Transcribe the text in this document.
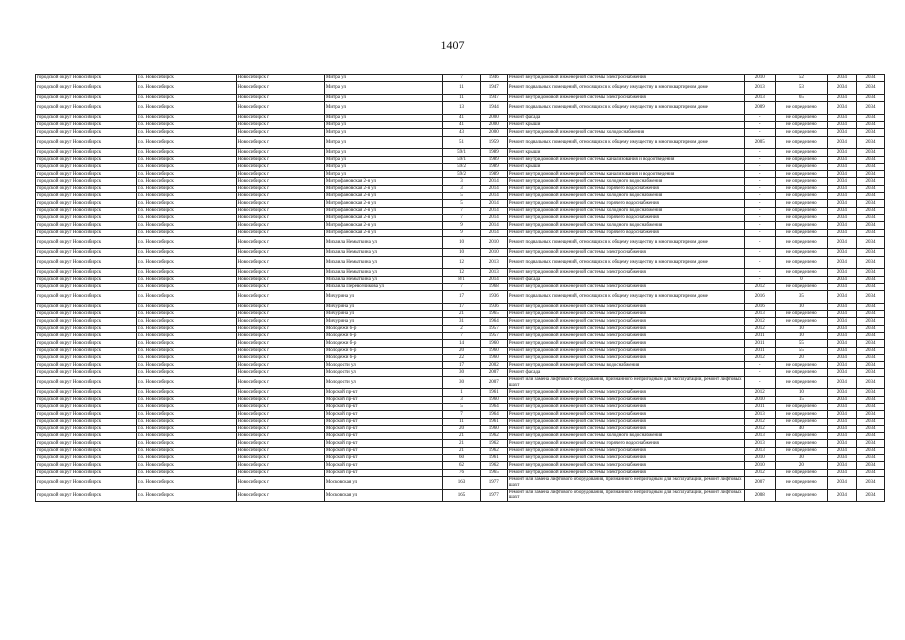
1407
городской округ Новосибирск	г.о. Новосибирск	Новосибирск г	Митра ул	7	1946	Ремонт внутридомовой инженерной системы электроснабжения	2010	52	2034	2034
городской округ Новосибирск	г.о. Новосибирск	Новосибирск г	Митра ул	11	1947	Ремонт подвальных помещений, относящихся к общему имуществу в многоквартирном доме	2013	53	2034	2034
городской округ Новосибирск	г.о. Новосибирск	Новосибирск г	Митра ул	11	1947	Ремонт внутридомовой инженерной системы электроснабжения	2013	65	2034	2034
городской округ Новосибирск	г.о. Новосибирск	Новосибирск г	Митра ул	13	1944	Ремонт подвальных помещений, относящихся к общему имуществу в многоквартирном доме	2009	не определено	2034	2034
городской округ Новосибирск	г.о. Новосибирск	Новосибирск г	Митра ул	41	2000	Ремонт фасада	-	не определено	2034	2034
городской округ Новосибирск	г.о. Новосибирск	Новосибирск г	Митра ул	41	2000	Ремонт крыши	-	не определено	2034	2034
городской округ Новосибирск	г.о. Новосибирск	Новосибирск г	Митра ул	43	2000	Ремонт внутридомовой инженерной системы холодоснабжения	-	не определено	2034	2034
городской округ Новосибирск	г.о. Новосибирск	Новосибирск г	Митра ул	51	1959	Ремонт подвальных помещений, относящихся к общему имуществу в многоквартирном доме	2005	не определено	2034	2034
городской округ Новосибирск	г.о. Новосибирск	Новосибирск г	Митра ул	59/1	1989	Ремонт крыши	-	не определено	2034	2034
городской округ Новосибирск	г.о. Новосибирск	Новосибирск г	Митра ул	59/1	1989	Ремонт внутридомовой инженерной системы канализования и водоотведения	-	не определено	2034	2034
городской округ Новосибирск	г.о. Новосибирск	Новосибирск г	Митра ул	59/2	1989	Ремонт крыши	-	не определено	2034	2034
городской округ Новосибирск	г.о. Новосибирск	Новосибирск г	Митра ул	59/2	1989	Ремонт внутридомовой инженерной системы канализования и водоотведения	-	не определено	2034	2034
городской округ Новосибирск	г.о. Новосибирск	Новосибирск г	Митрофановская 2-я ул	3	2014	Ремонт внутридомовой инженерной системы холодного водоснабжения	-	не определено	2034	2034
городской округ Новосибирск	г.о. Новосибирск	Новосибирск г	Митрофановская 2-я ул	3	2014	Ремонт внутридомовой инженерной системы горячего водоснабжения	-	не определено	2034	2034
городской округ Новосибирск	г.о. Новосибирск	Новосибирск г	Митрофановская 2-я ул	5	2014	Ремонт внутридомовой инженерной системы холодного водоснабжения	-	не определено	2034	2034
городской округ Новосибирск	г.о. Новосибирск	Новосибирск г	Митрофановская 2-я ул	5	2014	Ремонт внутридомовой инженерной системы горячего водоснабжения	-	не определено	2034	2034
городской округ Новосибирск	г.о. Новосибирск	Новосибирск г	Митрофановская 2-я ул	7	2014	Ремонт внутридомовой инженерной системы холодного водоснабжения	-	не определено	2034	2034
городской округ Новосибирск	г.о. Новосибирск	Новосибирск г	Митрофановская 2-я ул	7	2014	Ремонт внутридомовой инженерной системы горячего водоснабжения	-	не определено	2034	2034
городской округ Новосибирск	г.о. Новосибирск	Новосибирск г	Митрофановская 2-я ул	9	2014	Ремонт внутридомовой инженерной системы холодного водоснабжения	-	не определено	2034	2034
городской округ Новосибирск	г.о. Новосибирск	Новосибирск г	Митрофановская 2-я ул	9	2014	Ремонт внутридомовой инженерной системы горячего водоснабжения	-	не определено	2034	2034
городской округ Новосибирск	г.о. Новосибирск	Новосибирск г	Михаила Немыткина ул	10	2010	Ремонт подвальных помещений, относящихся к общему имуществу в многоквартирном доме	-	не определено	2034	2034
городской округ Новосибирск	г.о. Новосибирск	Новосибирск г	Михаила Немыткина ул	10	2010	Ремонт внутридомовой инженерной системы электроснабжения	-	не определено	2034	2034
городской округ Новосибирск	г.о. Новосибирск	Новосибирск г	Михаила Немыткина ул	12	2013	Ремонт подвальных помещений, относящихся к общему имуществу в многоквартирном доме	-	не определено	2034	2034
городской округ Новосибирск	г.о. Новосибирск	Новосибирск г	Михаила Немыткина ул	12	2013	Ремонт внутридомовой инженерной системы электроснабжения	-	не определено	2034	2034
городской округ Новосибирск	г.о. Новосибирск	Новосибирск г	Михаила Немыткина ул	8/1	2014	Ремонт фасада	-	0	2034	2034
городской округ Новосибирск	г.о. Новосибирск	Новосибирск г	Михаила Перевозчикова ул	7	1968	Ремонт внутридомовой инженерной системы электроснабжения	2012	не определено	2034	2034
городской округ Новосибирск	г.о. Новосибирск	Новосибирск г	Мичурина ул	17	1936	Ремонт подвальных помещений, относящихся к общему имуществу в многоквартирном доме	2016	35	2034	2034
городской округ Новосибирск	г.о. Новосибирск	Новосибирск г	Мичурина ул	17	1936	Ремонт внутридомовой инженерной системы электроснабжения	2016	10	2034	2034
городской округ Новосибирск	г.о. Новосибирск	Новосибирск г	Мичурина ул	21	1965	Ремонт внутридомовой инженерной системы электроснабжения	2013	не определено	2034	2034
городской округ Новосибирск	г.о. Новосибирск	Новосибирск г	Мичурина ул	31	1964	Ремонт внутридомовой инженерной системы электроснабжения	2012	не определено	2034	2034
городской округ Новосибирск	г.о. Новосибирск	Новосибирск г	Молодежи б-р	2	1957	Ремонт внутридомовой инженерной системы электроснабжения	2012	10	2034	2034
городской округ Новосибирск	г.о. Новосибирск	Новосибирск г	Молодежи б-р	7	1957	Ремонт внутридомовой инженерной системы электроснабжения	2011	10	2034	2034
городской округ Новосибирск	г.о. Новосибирск	Новосибирск г	Молодежи б-р	14	1960	Ремонт внутридомовой инженерной системы электроснабжения	2011	55	2034	2034
городской округ Новосибирск	г.о. Новосибирск	Новосибирск г	Молодежи б-р	20	1960	Ремонт внутридомовой инженерной системы электроснабжения	2011	55	2034	2034
городской округ Новосибирск	г.о. Новосибирск	Новосибирск г	Молодежи б-р	22	1960	Ремонт внутридомовой инженерной системы электроснабжения	2012	20	2034	2034
городской округ Новосибирск	г.о. Новосибирск	Новосибирск г	Молодости ул	17	2002	Ремонт внутридомовой инженерной системы водоснабжения	-	не определено	2034	2034
городской округ Новосибирск	г.о. Новосибирск	Новосибирск г	Молодости ул	30	2007	Ремонт фасада	-	не определено	2034	2034
городской округ Новосибирск	г.о. Новосибирск	Новосибирск г	Молодости ул	30	2007	Ремонт или замена лифтового оборудования, признанного непригодным для эксплуатации, ремонт лифтовых шахт	-	не определено	2034	2034
городской округ Новосибирск	г.о. Новосибирск	Новосибирск г	Морской пр-кт	1	1961	Ремонт внутридомовой инженерной системы электроснабжения	2012	10	2034	2034
городской округ Новосибирск	г.о. Новосибирск	Новосибирск г	Морской пр-кт	3	1960	Ремонт внутридомовой инженерной системы электроснабжения	2010	15	2034	2034
городской округ Новосибирск	г.о. Новосибирск	Новосибирск г	Морской пр-кт	5	1964	Ремонт внутридомовой инженерной системы электроснабжения	2011	не определено	2034	2034
городской округ Новосибирск	г.о. Новосибирск	Новосибирск г	Морской пр-кт	7	1964	Ремонт внутридомовой инженерной системы электроснабжения	2013	не определено	2034	2034
городской округ Новосибирск	г.о. Новосибирск	Новосибирск г	Морской пр-кт	11	1961	Ремонт внутридомовой инженерной системы электроснабжения	2012	не определено	2034	2034
городской округ Новосибирск	г.о. Новосибирск	Новосибирск г	Морской пр-кт	20	1960	Ремонт внутридомовой инженерной системы электроснабжения	2012	40	2034	2034
городской округ Новосибирск	г.о. Новосибирск	Новосибирск г	Морской пр-кт	21	1962	Ремонт внутридомовой инженерной системы холодного водоснабжения	2013	не определено	2034	2034
городской округ Новосибирск	г.о. Новосибирск	Новосибирск г	Морской пр-кт	21	1962	Ремонт внутридомовой инженерной системы горячего водоснабжения	2013	не определено	2034	2034
городской округ Новосибирск	г.о. Новосибирск	Новосибирск г	Морской пр-кт	21	1962	Ремонт внутридомовой инженерной системы электроснабжения	2013	не определено	2034	2034
городской округ Новосибирск	г.о. Новосибирск	Новосибирск г	Морской пр-кт	60	1961	Ремонт внутридомовой инженерной системы электроснабжения	2010	30	2034	2034
городской округ Новосибирск	г.о. Новосибирск	Новосибирск г	Морской пр-кт	62	1962	Ремонт внутридомовой инженерной системы электроснабжения	2010	20	2034	2034
городской округ Новосибирск	г.о. Новосибирск	Новосибирск г	Морской пр-кт	76	1965	Ремонт внутридомовой инженерной системы электроснабжения	2012	не определено	2034	2034
городской округ Новосибирск	г.о. Новосибирск	Новосибирск г	Московская ул	163	1977	Ремонт или замена лифтового оборудования, признанного непригодным для эксплуатации, ремонт лифтовых шахт	2007	не определено	2034	2034
городской округ Новосибирск	г.о. Новосибирск	Новосибирск г	Московская ул	165	1977	Ремонт или замена лифтового оборудования, признанного непригодным для эксплуатации, ремонт лифтовых шахт	2008	не определено	2034	2034
